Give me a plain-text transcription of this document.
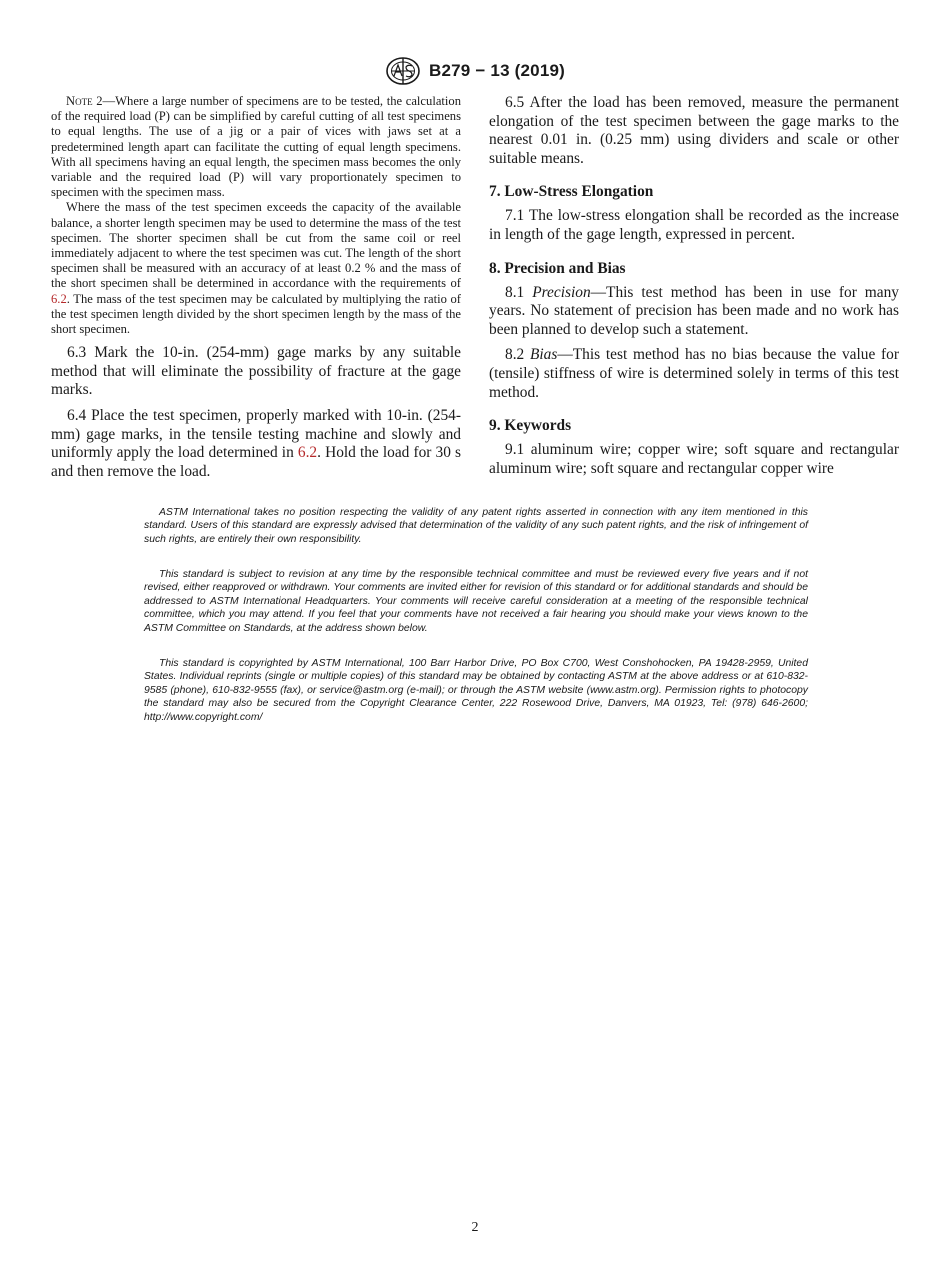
B279 − 13 (2019)

Note 2—Where a large number of specimens are to be tested, the calculation of the required load (P) can be simplified by careful cutting of all test specimens to equal lengths. The use of a jig or a pair of vices with jaws set at a predetermined length apart can facilitate the cutting of equal length specimens. With all specimens having an equal length, the specimen mass becomes the only variable and the required load (P) will vary proportionately specimen to specimen with the specimen mass.

Where the mass of the test specimen exceeds the capacity of the available balance, a shorter length specimen may be used to determine the mass of the test specimen. The shorter specimen shall be cut from the same coil or reel immediately adjacent to where the test specimen was cut. The length of the short specimen shall be measured with an accuracy of at least 0.2 % and the mass of the short specimen shall be determined in accordance with the requirements of 6.2. The mass of the test specimen may be calculated by multiplying the ratio of the test specimen length divided by the short specimen length by the mass of the short specimen.

6.3 Mark the 10-in. (254-mm) gage marks by any suitable method that will eliminate the possibility of fracture at the gage marks.

6.4 Place the test specimen, properly marked with 10-in. (254-mm) gage marks, in the tensile testing machine and slowly and uniformly apply the load determined in 6.2. Hold the load for 30 s and then remove the load.

6.5 After the load has been removed, measure the permanent elongation of the test specimen between the gage marks to the nearest 0.01 in. (0.25 mm) using dividers and scale or other suitable means.

7. Low-Stress Elongation

7.1 The low-stress elongation shall be recorded as the increase in length of the gage length, expressed in percent.

8. Precision and Bias

8.1 Precision—This test method has been in use for many years. No statement of precision has been made and no work has been planned to develop such a statement.

8.2 Bias—This test method has no bias because the value for (tensile) stiffness of wire is determined solely in terms of this test method.

9. Keywords

9.1 aluminum wire; copper wire; soft square and rectangular aluminum wire; soft square and rectangular copper wire

ASTM International takes no position respecting the validity of any patent rights asserted in connection with any item mentioned in this standard. Users of this standard are expressly advised that determination of the validity of any such patent rights, and the risk of infringement of such rights, are entirely their own responsibility.

This standard is subject to revision at any time by the responsible technical committee and must be reviewed every five years and if not revised, either reapproved or withdrawn. Your comments are invited either for revision of this standard or for additional standards and should be addressed to ASTM International Headquarters. Your comments will receive careful consideration at a meeting of the responsible technical committee, which you may attend. If you feel that your comments have not received a fair hearing you should make your views known to the ASTM Committee on Standards, at the address shown below.

This standard is copyrighted by ASTM International, 100 Barr Harbor Drive, PO Box C700, West Conshohocken, PA 19428-2959, United States. Individual reprints (single or multiple copies) of this standard may be obtained by contacting ASTM at the above address or at 610-832-9585 (phone), 610-832-9555 (fax), or service@astm.org (e-mail); or through the ASTM website (www.astm.org). Permission rights to photocopy the standard may also be secured from the Copyright Clearance Center, 222 Rosewood Drive, Danvers, MA 01923, Tel: (978) 646-2600; http://www.copyright.com/

2
